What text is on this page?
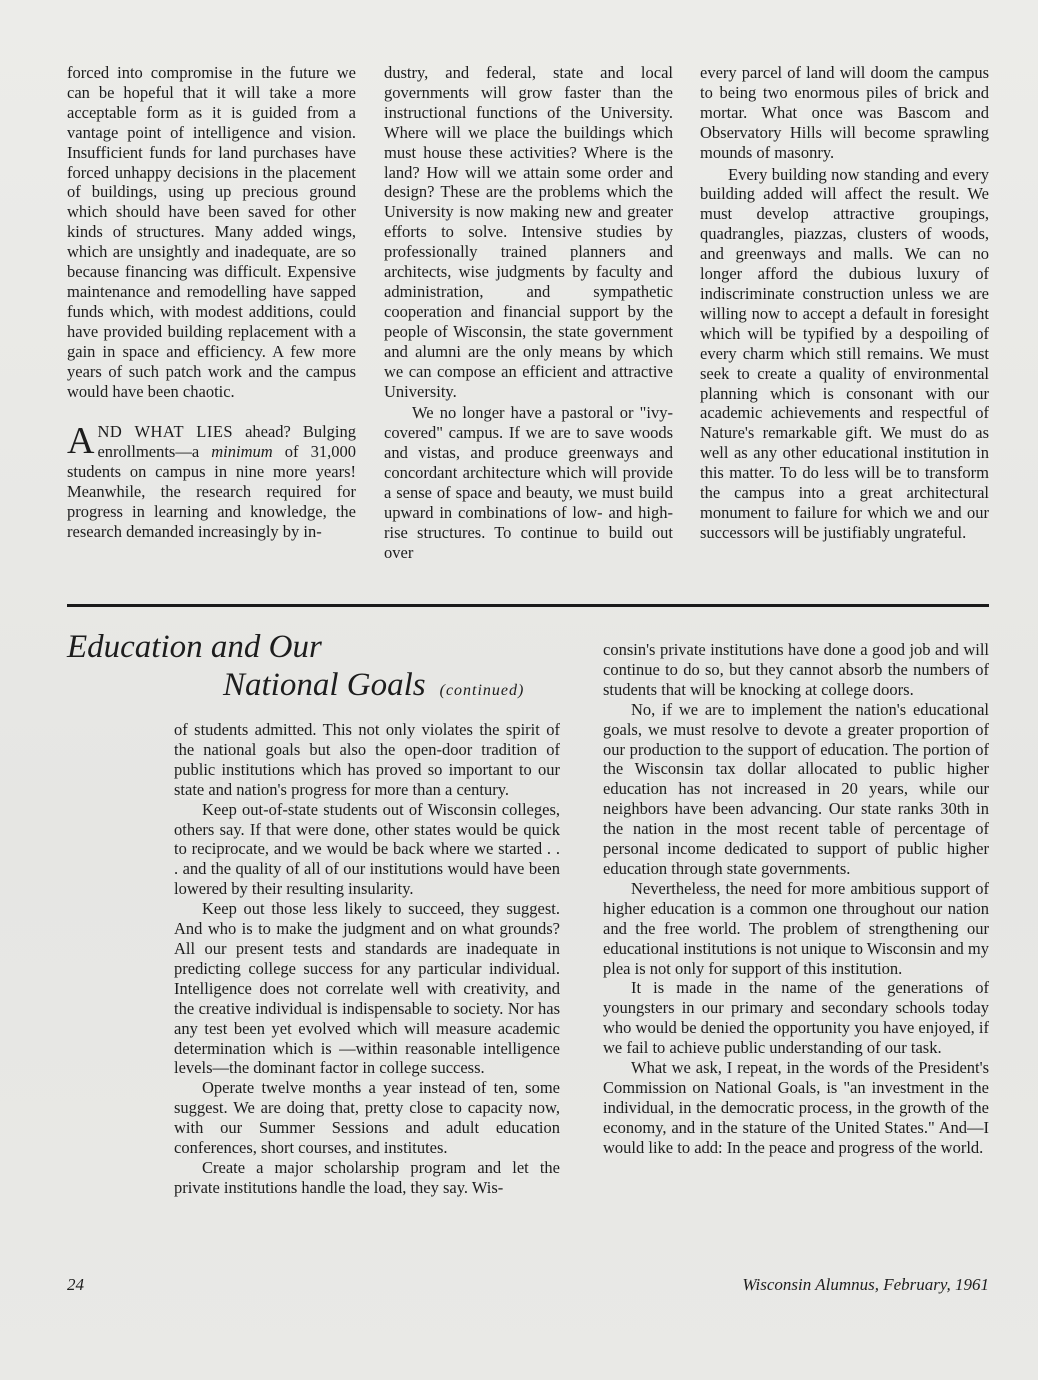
forced into compromise in the future we can be hopeful that it will take a more acceptable form as it is guided from a vantage point of intelligence and vision. Insufficient funds for land purchases have forced unhappy decisions in the placement of buildings, using up precious ground which should have been saved for other kinds of structures. Many added wings, which are unsightly and inadequate, are so because financing was difficult. Expensive maintenance and remodelling have sapped funds which, with modest additions, could have provided building replacement with a gain in space and efficiency. A few more years of such patch work and the campus would have been chaotic.

AND WHAT LIES ahead? Bulging enrollments—a minimum of 31,000 students on campus in nine more years! Meanwhile, the research required for progress in learning and knowledge, the research demanded increasingly by in-

dustry, and federal, state and local governments will grow faster than the instructional functions of the University. Where will we place the buildings which must house these activities? Where is the land? How will we attain some order and design? These are the problems which the University is now making new and greater efforts to solve. Intensive studies by professionally trained planners and architects, wise judgments by faculty and administration, and sympathetic cooperation and financial support by the people of Wisconsin, the state government and alumni are the only means by which we can compose an efficient and attractive University.

We no longer have a pastoral or "ivy-covered" campus. If we are to save woods and vistas, and produce greenways and concordant architecture which will provide a sense of space and beauty, we must build upward in combinations of low- and high-rise structures. To continue to build out over

every parcel of land will doom the campus to being two enormous piles of brick and mortar. What once was Bascom and Observatory Hills will become sprawling mounds of masonry.

Every building now standing and every building added will affect the result. We must develop attractive groupings, quadrangles, piazzas, clusters of woods, and greenways and malls. We can no longer afford the dubious luxury of indiscriminate construction unless we are willing now to accept a default in foresight which will be typified by a despoiling of every charm which still remains. We must seek to create a quality of environmental planning which is consonant with our academic achievements and respectful of Nature's remarkable gift. We must do as well as any other educational institution in this matter. To do less will be to transform the campus into a great architectural monument to failure for which we and our successors will be justifiably ungrateful.

Education and Our
National Goals (continued)

of students admitted. This not only violates the spirit of the national goals but also the open-door tradition of public institutions which has proved so important to our state and nation's progress for more than a century.

Keep out-of-state students out of Wisconsin colleges, others say. If that were done, other states would be quick to reciprocate, and we would be back where we started . . . and the quality of all of our institutions would have been lowered by their resulting insularity.

Keep out those less likely to succeed, they suggest. And who is to make the judgment and on what grounds? All our present tests and standards are inadequate in predicting college success for any particular individual. Intelligence does not correlate well with creativity, and the creative individual is indispensable to society. Nor has any test been yet evolved which will measure academic determination which is —within reasonable intelligence levels—the dominant factor in college success.

Operate twelve months a year instead of ten, some suggest. We are doing that, pretty close to capacity now, with our Summer Sessions and adult education conferences, short courses, and institutes.

Create a major scholarship program and let the private institutions handle the load, they say. Wis-

consin's private institutions have done a good job and will continue to do so, but they cannot absorb the numbers of students that will be knocking at college doors.

No, if we are to implement the nation's educational goals, we must resolve to devote a greater proportion of our production to the support of education. The portion of the Wisconsin tax dollar allocated to public higher education has not increased in 20 years, while our neighbors have been advancing. Our state ranks 30th in the nation in the most recent table of percentage of personal income dedicated to support of public higher education through state governments.

Nevertheless, the need for more ambitious support of higher education is a common one throughout our nation and the free world. The problem of strengthening our educational institutions is not unique to Wisconsin and my plea is not only for support of this institution.

It is made in the name of the generations of youngsters in our primary and secondary schools today who would be denied the opportunity you have enjoyed, if we fail to achieve public understanding of our task.

What we ask, I repeat, in the words of the President's Commission on National Goals, is "an investment in the individual, in the democratic process, in the growth of the economy, and in the stature of the United States." And—I would like to add: In the peace and progress of the world.

24	Wisconsin Alumnus, February, 1961
